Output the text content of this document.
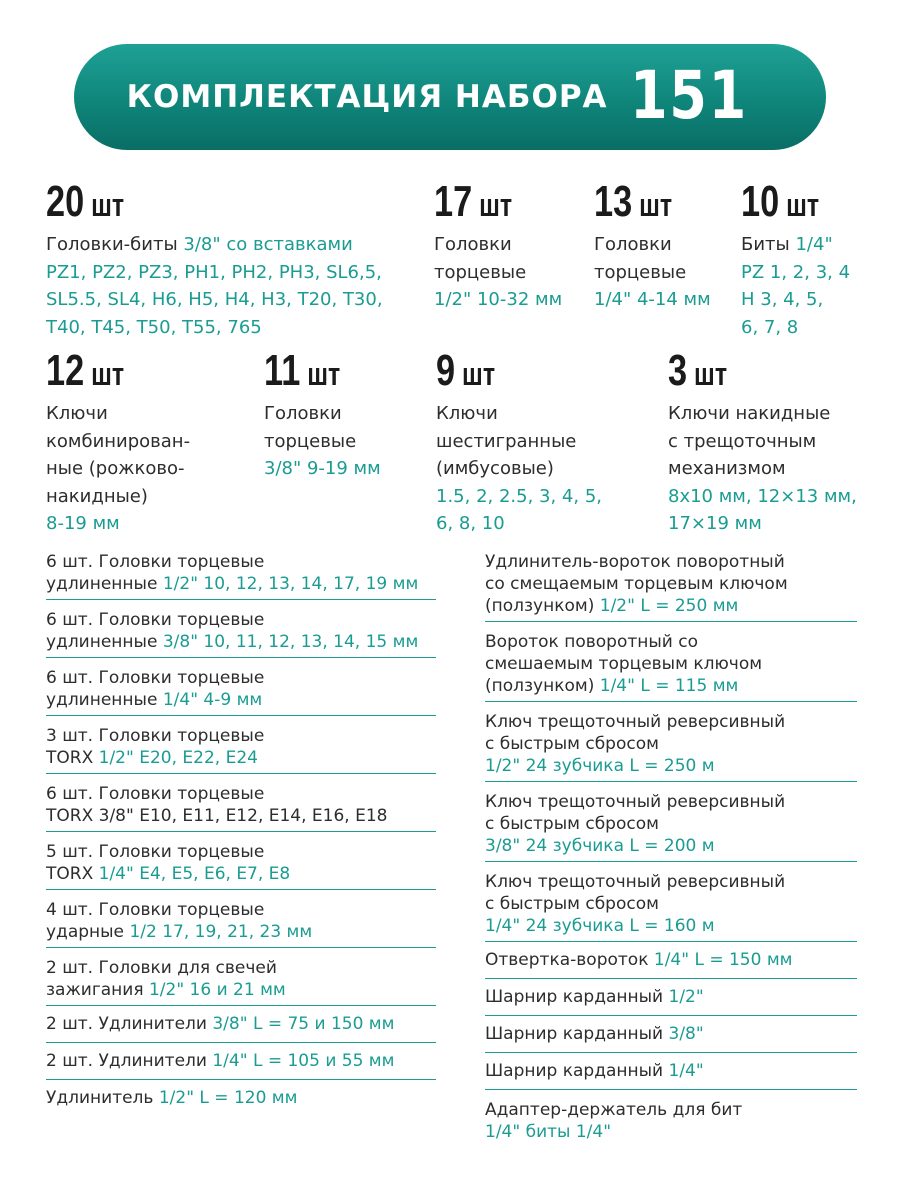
КОМПЛЕКТАЦИЯ НАБОРА 151
20 шт
Головки-биты 3/8" со вставками
PZ1, PZ2, PZ3, PH1, PH2, PH3, SL6,5,
SL5.5, SL4, H6, H5, H4, H3, T20, T30,
T40, T45, T50, T55, 765
17 шт
Головки
торцевые
1/2" 10-32 мм
13 шт
Головки
торцевые
1/4" 4-14 мм
10 шт
Биты 1/4"
PZ 1, 2, 3, 4
H 3, 4, 5,
6, 7, 8
12 шт
Ключи
комбинирован-
ные (рожково-
накидные)
8-19 мм
11 шт
Головки
торцевые
3/8" 9-19 мм
9 шт
Ключи
шестигранные
(имбусовые)
1.5, 2, 2.5, 3, 4, 5,
6, 8, 10
3 шт
Ключи накидные
с трещоточным
механизмом
8х10 мм, 12×13 мм,
17×19 мм
6 шт. Головки торцевые
удлиненные 1/2" 10, 12, 13, 14, 17, 19 мм
6 шт. Головки торцевые
удлиненные 3/8" 10, 11, 12, 13, 14, 15 мм
6 шт. Головки торцевые
удлиненные 1/4" 4-9 мм
3 шт. Головки торцевые
TORX 1/2" E20, E22, E24
6 шт. Головки торцевые
TORX 3/8" E10, E11, E12, E14, E16, E18
5 шт. Головки торцевые
TORX 1/4" E4, E5, E6, E7, E8
4 шт. Головки торцевые
ударные 1/2 17, 19, 21, 23 мм
2 шт. Головки для свечей
зажигания 1/2" 16 и 21 мм
2 шт. Удлинители 3/8" L = 75 и 150 мм
2 шт. Удлинители 1/4" L = 105 и 55 мм
Удлинитель 1/2" L = 120 мм
Удлинитель-вороток поворотный
со смещаемым торцевым ключом
(ползунком) 1/2" L = 250 мм
Вороток поворотный со
смешаемым торцевым ключом
(ползунком) 1/4" L = 115 мм
Ключ трещоточный реверсивный
с быстрым сбросом
1/2" 24 зубчика L = 250 м
Ключ трещоточный реверсивный
с быстрым сбросом
3/8" 24 зубчика L = 200 м
Ключ трещоточный реверсивный
с быстрым сбросом
1/4" 24 зубчика L = 160 м
Отвертка-вороток 1/4" L = 150 мм
Шарнир карданный 1/2"
Шарнир карданный 3/8"
Шарнир карданный 1/4"
Адаптер-держатель для бит
1/4" биты 1/4"
